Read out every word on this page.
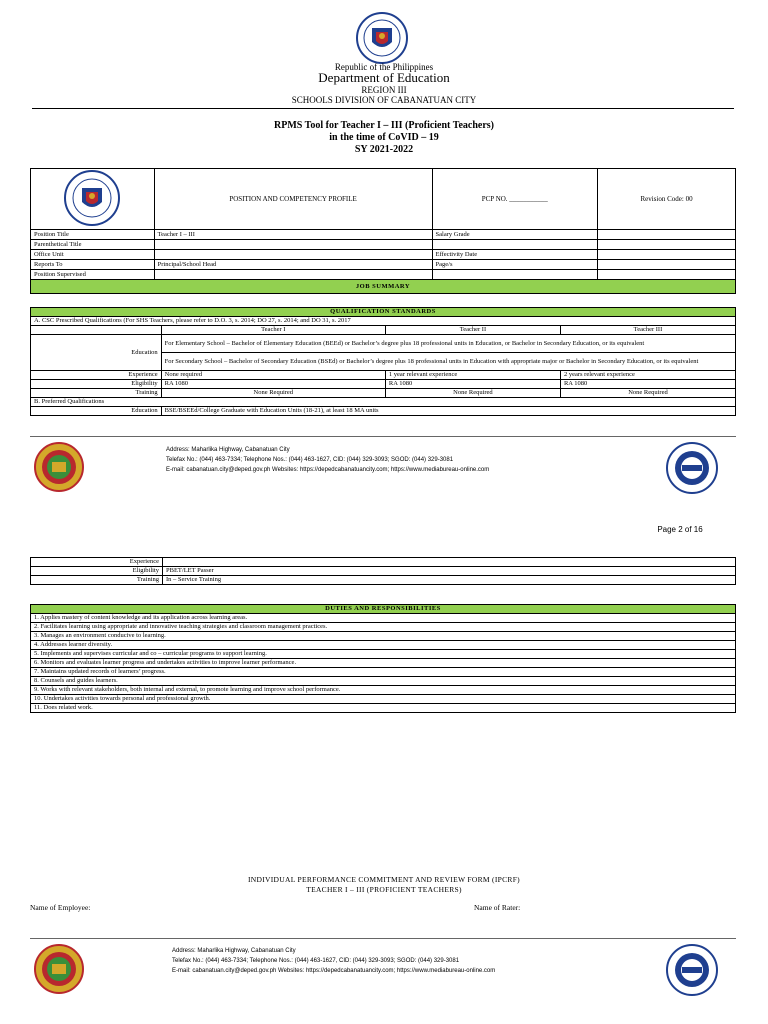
Republic of the Philippines
Department of Education
REGION III
SCHOOLS DIVISION OF CABANATUAN CITY
RPMS Tool for Teacher I – III (Proficient Teachers)
in the time of CoVID – 19
SY 2021-2022
	POSITION AND COMPETENCY PROFILE	PCP NO. ___________	Revision Code: 00
Position Title	Teacher I – III	Salary Grade	
Parenthetical Title			
Office Unit		Effectivity Date	
Reports To	Principal/School Head	Page/s	
Position Supervised			
JOB SUMMARY			
QUALIFICATION STANDARDS			
A. CSC Prescribed Qualifications (For SHS Teachers, please refer to D.O. 3, s. 2014; DO 27, s. 2014; and DO 31, s. 2017			
	Teacher I	Teacher II	Teacher III
Education	For Elementary School – Bachelor of Elementary Education (BEEd) or Bachelor’s degree plus 18 professional units in Education, or Bachelor in Secondary Education, or its equivalent		
	For Secondary School – Bachelor of Secondary Education (BSEd) or Bachelor’s degree plus 18 professional units in Education with appropriate major or Bachelor in Secondary Education, or its equivalent		
Experience	None required	1 year relevant experience	2 years relevant experience
Eligibility	RA 1080	RA 1080	RA 1080
Training	None Required	None Required	None Required
B. Preferred Qualifications			
Education	BSE/BSEEd/College Graduate with Education Units (18-21), at least 18 MA units		
Address: Maharlika Highway, Cabanatuan City
Telefax No.: (044) 463-7334; Telephone Nos.: (044) 463-1627, CID: (044) 329-3093; SGOD: (044) 329-3081
E-mail: cabanatuan.city@deped.gov.ph Websites: https://depedcabanatuancity.com; https://www.mediabureau-online.com
Page 2 of 16
Experience	
Eligibility	PBET/LET Passer
Training	In – Service Training
DUTIES AND RESPONSIBILITIES
1. Applies mastery of content knowledge and its application across learning areas.
2. Facilitates learning using appropriate and innovative teaching strategies and classroom management practices.
3. Manages an environment conducive to learning.
4. Addresses learner diversity.
5. Implements and supervises curricular and co – curricular programs to support learning.
6. Monitors and evaluates learner progress and undertakes activities to improve learner performance.
7. Maintains updated records of learners’ progress.
8. Counsels and guides learners.
9. Works with relevant stakeholders, both internal and external, to promote learning and improve school performance.
10. Undertakes activities towards personal and professional growth.
11. Does related work.
INDIVIDUAL PERFORMANCE COMMITMENT AND REVIEW FORM (IPCRF)
TEACHER I – III (PROFICIENT TEACHERS)
Name of Employee:	Name of Rater:
Address: Maharlika Highway, Cabanatuan City
Telefax No.: (044) 463-7334; Telephone Nos.: (044) 463-1627, CID: (044) 329-3093; SGOD: (044) 329-3081
E-mail: cabanatuan.city@deped.gov.ph Websites: https://depedcabanatuancity.com; https://www.mediabureau-online.com
